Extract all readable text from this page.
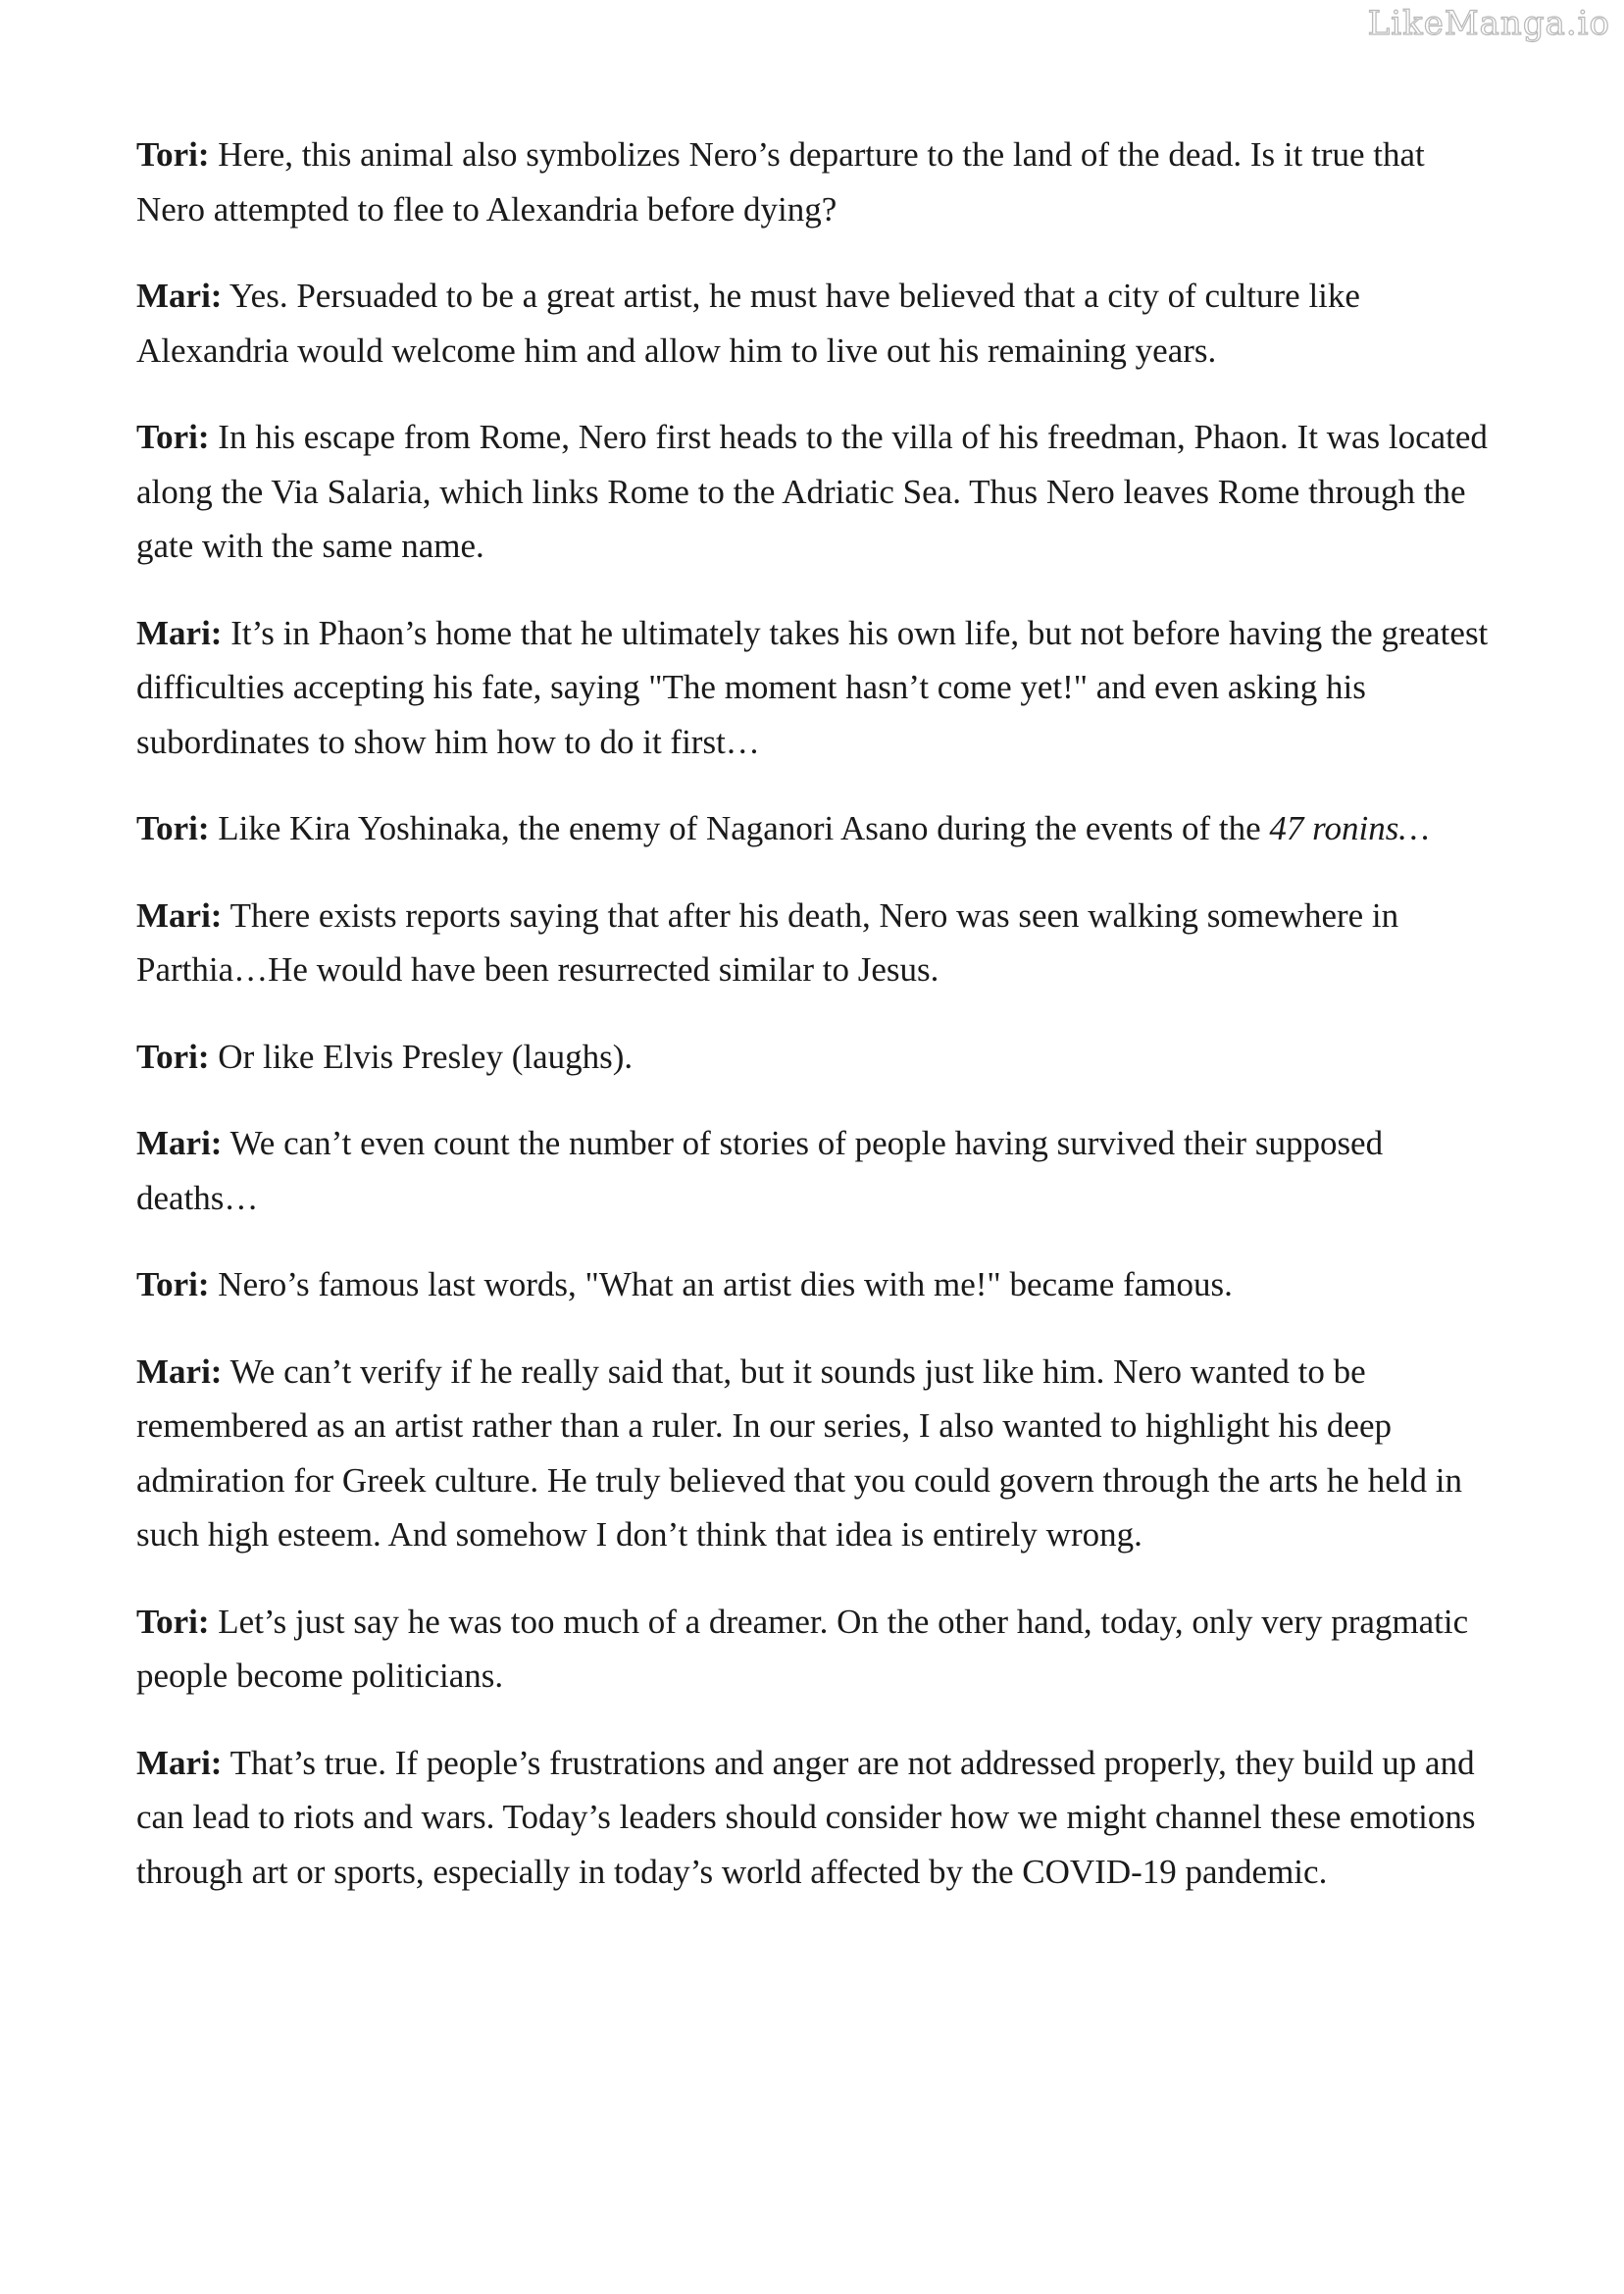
LikeManga.io

Tori: Here, this animal also symbolizes Nero’s departure to the land of the dead. Is it true that Nero attempted to flee to Alexandria before dying?

Mari: Yes. Persuaded to be a great artist, he must have believed that a city of culture like Alexandria would welcome him and allow him to live out his remaining years.

Tori: In his escape from Rome, Nero first heads to the villa of his freedman, Phaon. It was located along the Via Salaria, which links Rome to the Adriatic Sea. Thus Nero leaves Rome through the gate with the same name.

Mari: It’s in Phaon’s home that he ultimately takes his own life, but not before having the greatest difficulties accepting his fate, saying "The moment hasn’t come yet!" and even asking his subordinates to show him how to do it first…

Tori: Like Kira Yoshinaka, the enemy of Naganori Asano during the events of the 47 ronins…

Mari: There exists reports saying that after his death, Nero was seen walking somewhere in Parthia…He would have been resurrected similar to Jesus.

Tori: Or like Elvis Presley (laughs).

Mari: We can’t even count the number of stories of people having survived their supposed deaths…

Tori: Nero’s famous last words, "What an artist dies with me!" became famous.

Mari: We can’t verify if he really said that, but it sounds just like him. Nero wanted to be remembered as an artist rather than a ruler. In our series, I also wanted to highlight his deep admiration for Greek culture. He truly believed that you could govern through the arts he held in such high esteem. And somehow I don’t think that idea is entirely wrong.

Tori: Let’s just say he was too much of a dreamer. On the other hand, today, only very pragmatic people become politicians.

Mari: That’s true. If people’s frustrations and anger are not addressed properly, they build up and can lead to riots and wars. Today’s leaders should consider how we might channel these emotions through art or sports, especially in today’s world affected by the COVID-19 pandemic.
